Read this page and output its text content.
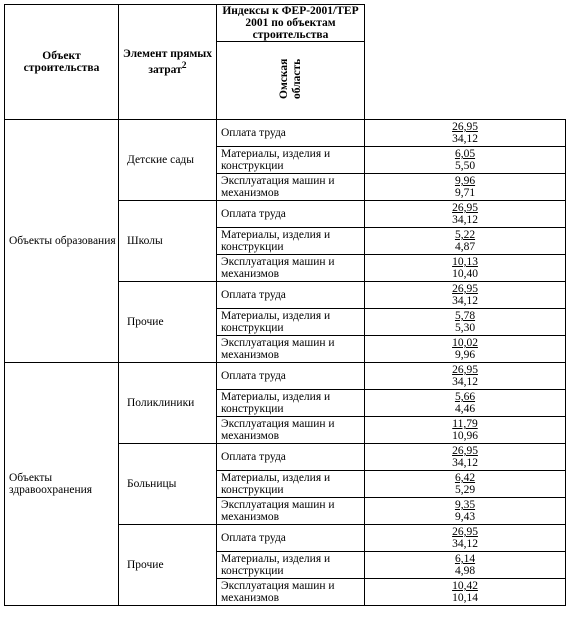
Объект строительства	Элемент прямых затрат$^2$	Индексы к ФЕР-2001/ТЕР 2001 по объектам строительства	
		Омская область	
Объекты образования	Детские сады	Оплата труда	26,95
34,12

		Материалы, изделия и конструкции	6,05
5,50

		Эксплуатация машин и механизмов	9,96
9,71

	Школы	Оплата труда	26,95
34,12

		Материалы, изделия и конструкции	5,22
4,87

		Эксплуатация машин и механизмов	10,13
10,40

	Прочие	Оплата труда	26,95
34,12

		Материалы, изделия и конструкции	5,78
5,30

		Эксплуатация машин и механизмов	10,02
9,96

Объекты здравоохранения	Поликлиники	Оплата труда	26,95
34,12

		Материалы, изделия и конструкции	5,66
4,46

		Эксплуатация машин и механизмов	11,79
10,96

	Больницы	Оплата труда	26,95
34,12

		Материалы, изделия и конструкции	6,42
5,29

		Эксплуатация машин и механизмов	9,35
9,43

	Прочие	Оплата труда	26,95
34,12

		Материалы, изделия и конструкции	6,14
4,98

		Эксплуатация машин и механизмов	10,42
10,14
